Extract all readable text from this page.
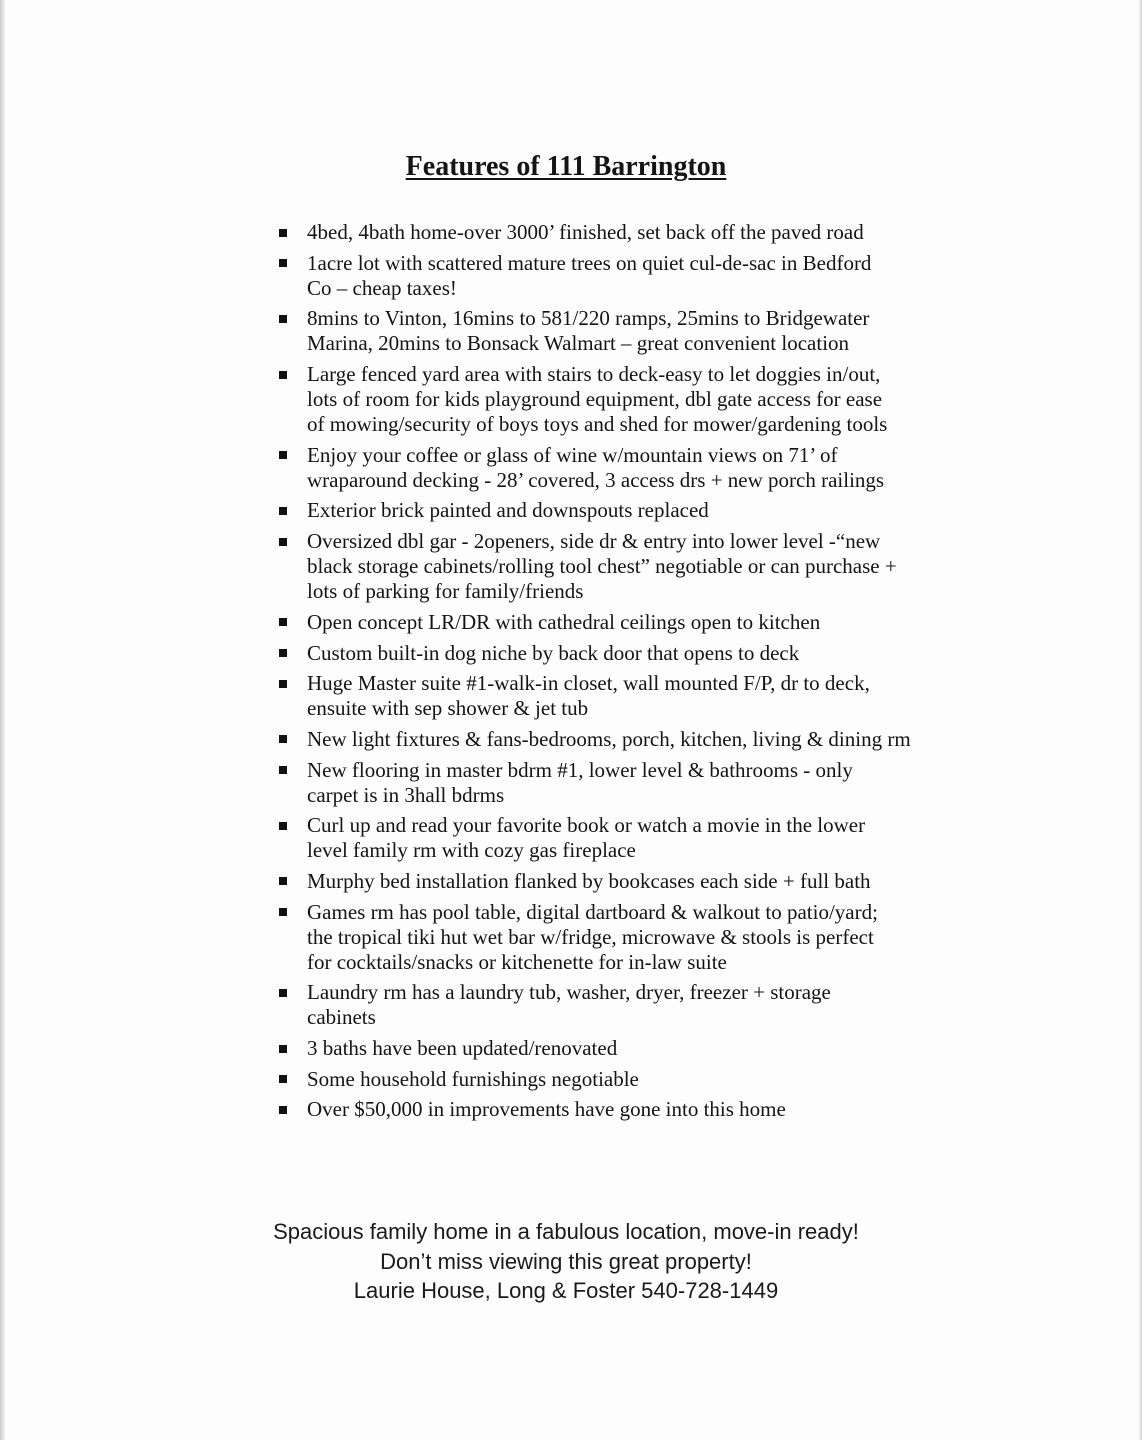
Features of 111 Barrington
4bed, 4bath home-over 3000’ finished, set back off the paved road
1acre lot with scattered mature trees on quiet cul-de-sac in Bedford
Co – cheap taxes!
8mins to Vinton, 16mins to 581/220 ramps, 25mins to Bridgewater
Marina, 20mins to Bonsack Walmart – great convenient location
Large fenced yard area with stairs to deck-easy to let doggies in/out,
lots of room for kids playground equipment, dbl gate access for ease
of mowing/security of boys toys and shed for mower/gardening tools
Enjoy your coffee or glass of wine w/mountain views on 71’ of
wraparound decking - 28’ covered, 3 access drs + new porch railings
Exterior brick painted and downspouts replaced
Oversized dbl gar - 2openers, side dr & entry into lower level -“new
black storage cabinets/rolling tool chest” negotiable or can purchase +
lots of parking for family/friends
Open concept LR/DR with cathedral ceilings open to kitchen
Custom built-in dog niche by back door that opens to deck
Huge Master suite #1-walk-in closet, wall mounted F/P, dr to deck,
ensuite with sep shower & jet tub
New light fixtures & fans-bedrooms, porch, kitchen, living & dining rm
New flooring in master bdrm #1, lower level & bathrooms - only
carpet is in 3hall bdrms
Curl up and read your favorite book or watch a movie in the lower
level family rm with cozy gas fireplace
Murphy bed installation flanked by bookcases each side + full bath
Games rm has pool table, digital dartboard & walkout to patio/yard;
the tropical tiki hut wet bar w/fridge, microwave & stools is perfect
for cocktails/snacks or kitchenette for in-law suite
Laundry rm has a laundry tub, washer, dryer, freezer + storage
cabinets
3 baths have been updated/renovated
Some household furnishings negotiable
Over $50,000 in improvements have gone into this home
Spacious family home in a fabulous location, move-in ready!
Don’t miss viewing this great property!
Laurie House, Long & Foster 540-728-1449
